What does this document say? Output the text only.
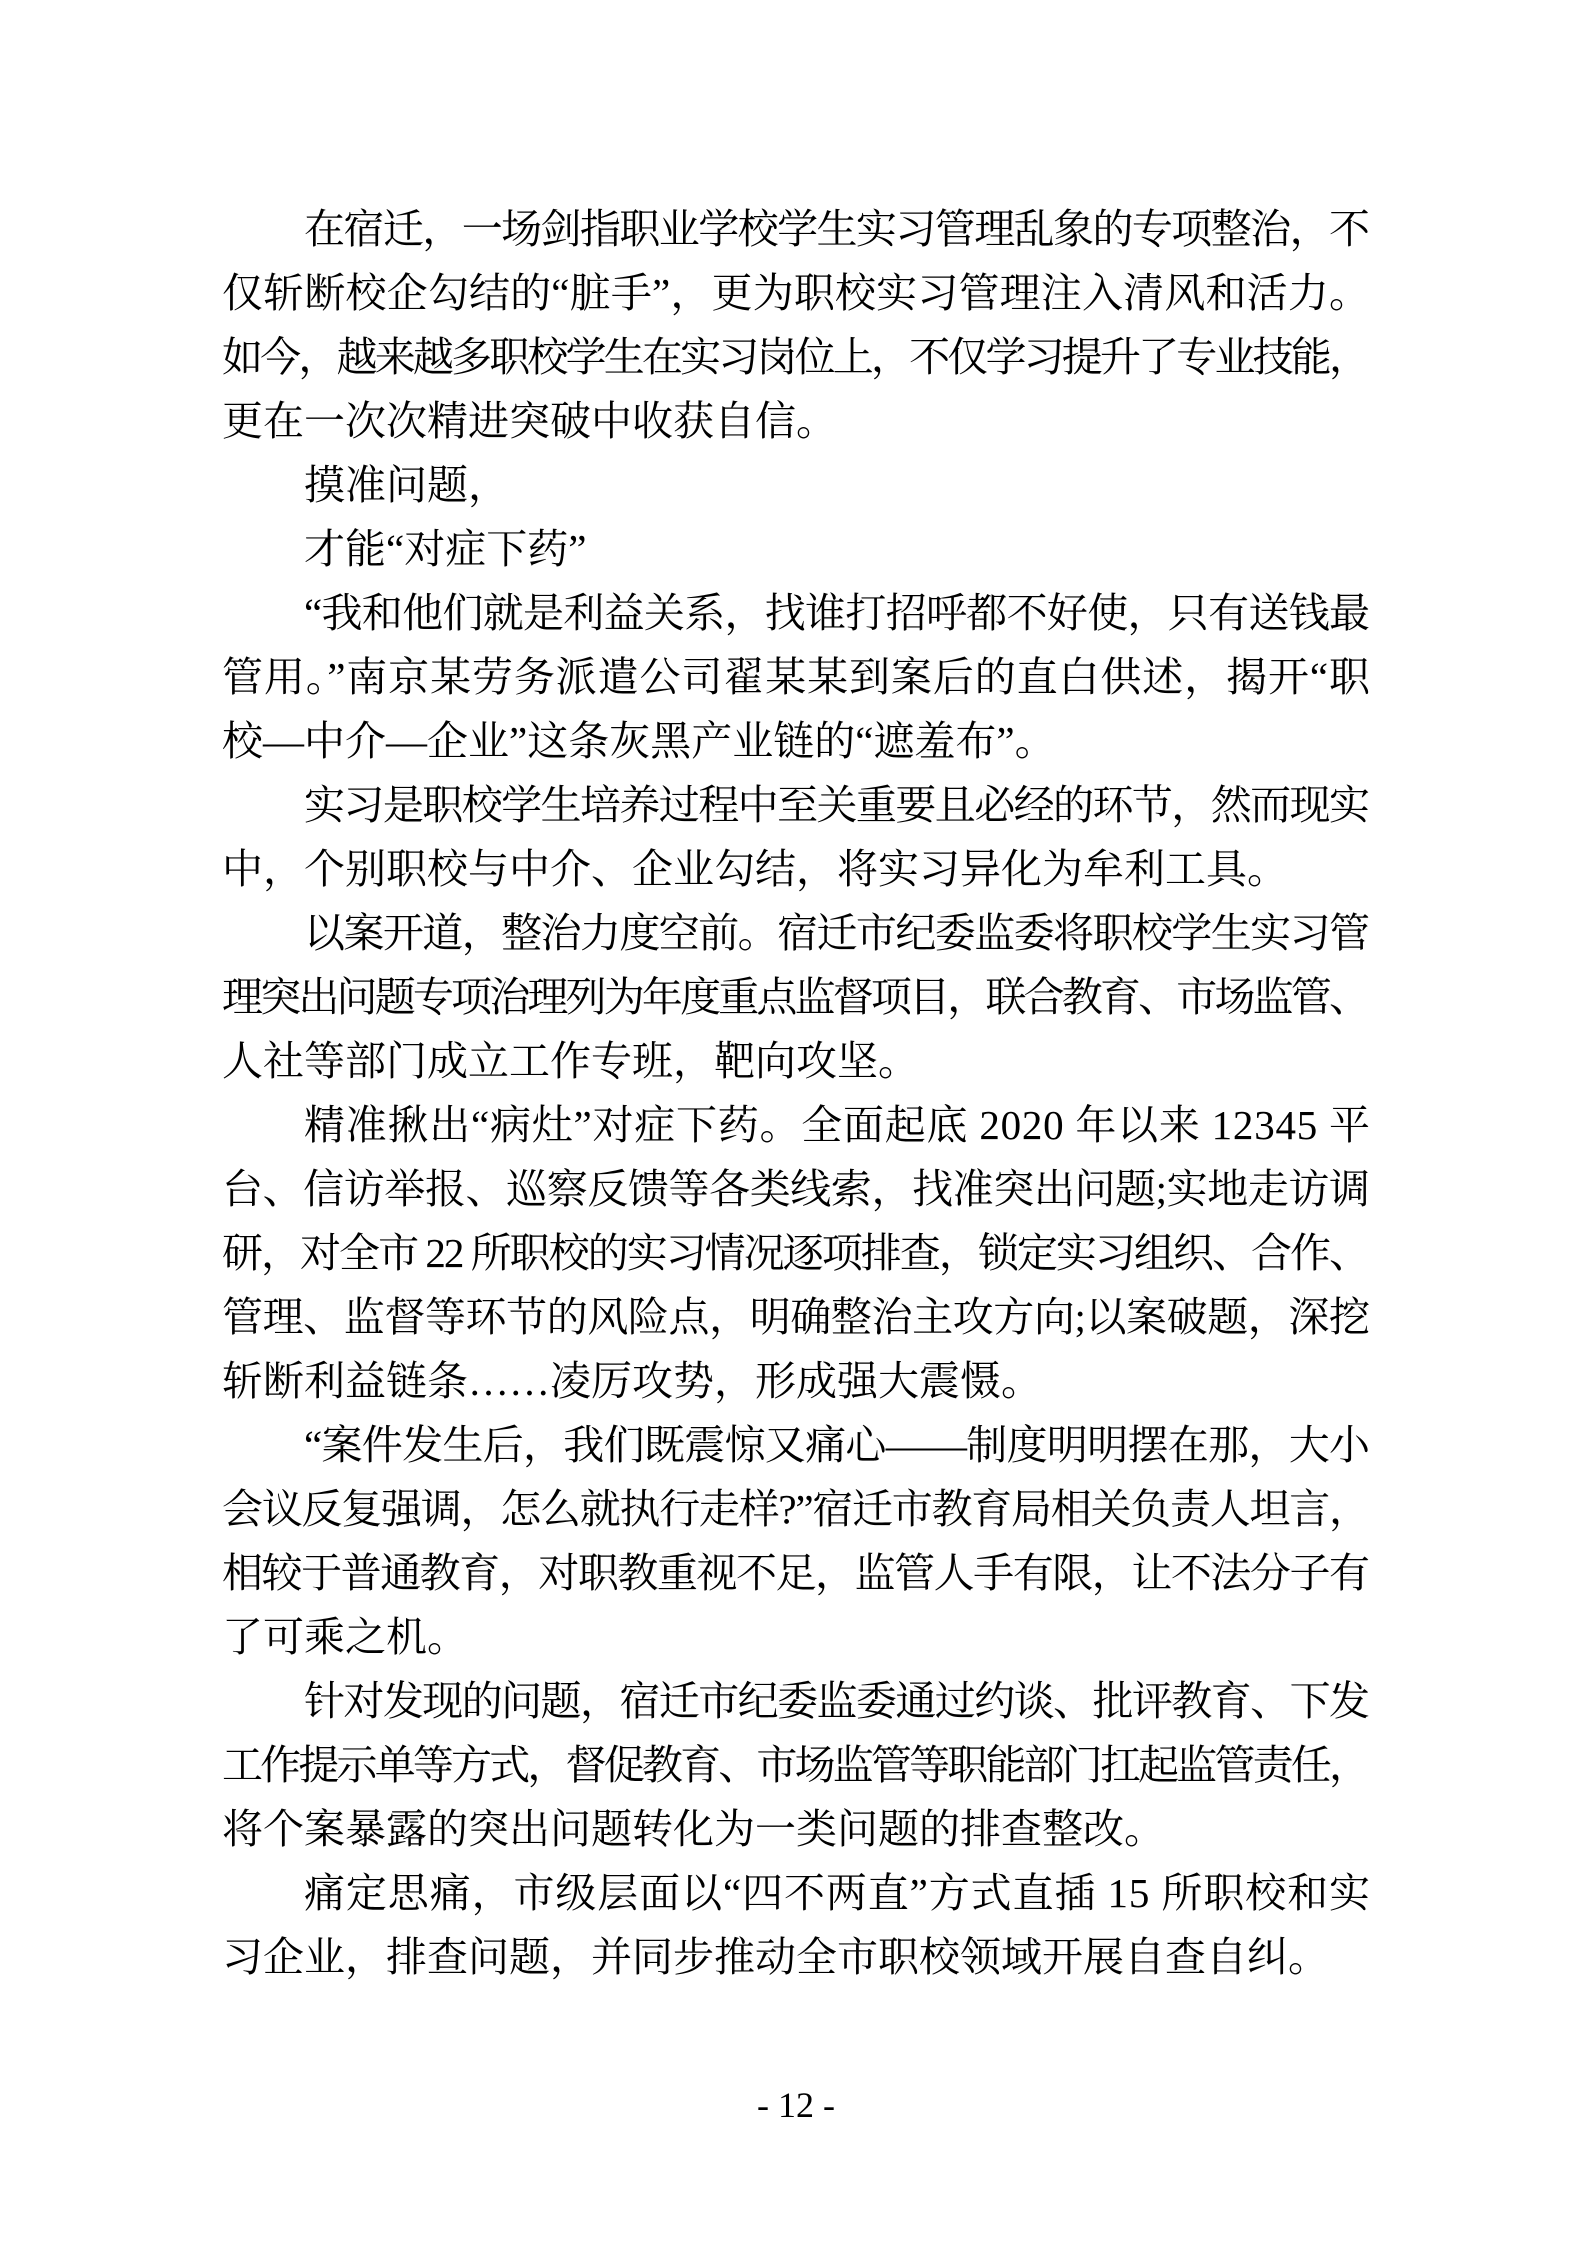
在宿迁，一场剑指职业学校学生实习管理乱象的专项整治，不
仅斩断校企勾结的“脏手”，更为职校实习管理注入清风和活力。
如今，越来越多职校学生在实习岗位上，不仅学习提升了专业技能，
更在一次次精进突破中收获自信。
摸准问题，
才能“对症下药”
“我和他们就是利益关系，找谁打招呼都不好使，只有送钱最
管用。”南京某劳务派遣公司翟某某到案后的直白供述，揭开“职
校—中介—企业”这条灰黑产业链的“遮羞布”。
实习是职校学生培养过程中至关重要且必经的环节，然而现实
中，个别职校与中介、企业勾结，将实习异化为牟利工具。
以案开道，整治力度空前。宿迁市纪委监委将职校学生实习管
理突出问题专项治理列为年度重点监督项目，联合教育、市场监管、
人社等部门成立工作专班，靶向攻坚。
精准揪出“病灶”对症下药。全面起底 2020 年以来 12345 平
台、信访举报、巡察反馈等各类线索，找准突出问题;实地走访调
研，对全市 22 所职校的实习情况逐项排查，锁定实习组织、合作、
管理、监督等环节的风险点，明确整治主攻方向;以案破题，深挖
斩断利益链条……凌厉攻势，形成强大震慑。
“案件发生后，我们既震惊又痛心——制度明明摆在那，大小
会议反复强调，怎么就执行走样?”宿迁市教育局相关负责人坦言，
相较于普通教育，对职教重视不足，监管人手有限，让不法分子有
了可乘之机。
针对发现的问题，宿迁市纪委监委通过约谈、批评教育、下发
工作提示单等方式，督促教育、市场监管等职能部门扛起监管责任，
将个案暴露的突出问题转化为一类问题的排查整改。
痛定思痛，市级层面以“四不两直”方式直插 15 所职校和实
习企业，排查问题，并同步推动全市职校领域开展自查自纠。
- 12 -
